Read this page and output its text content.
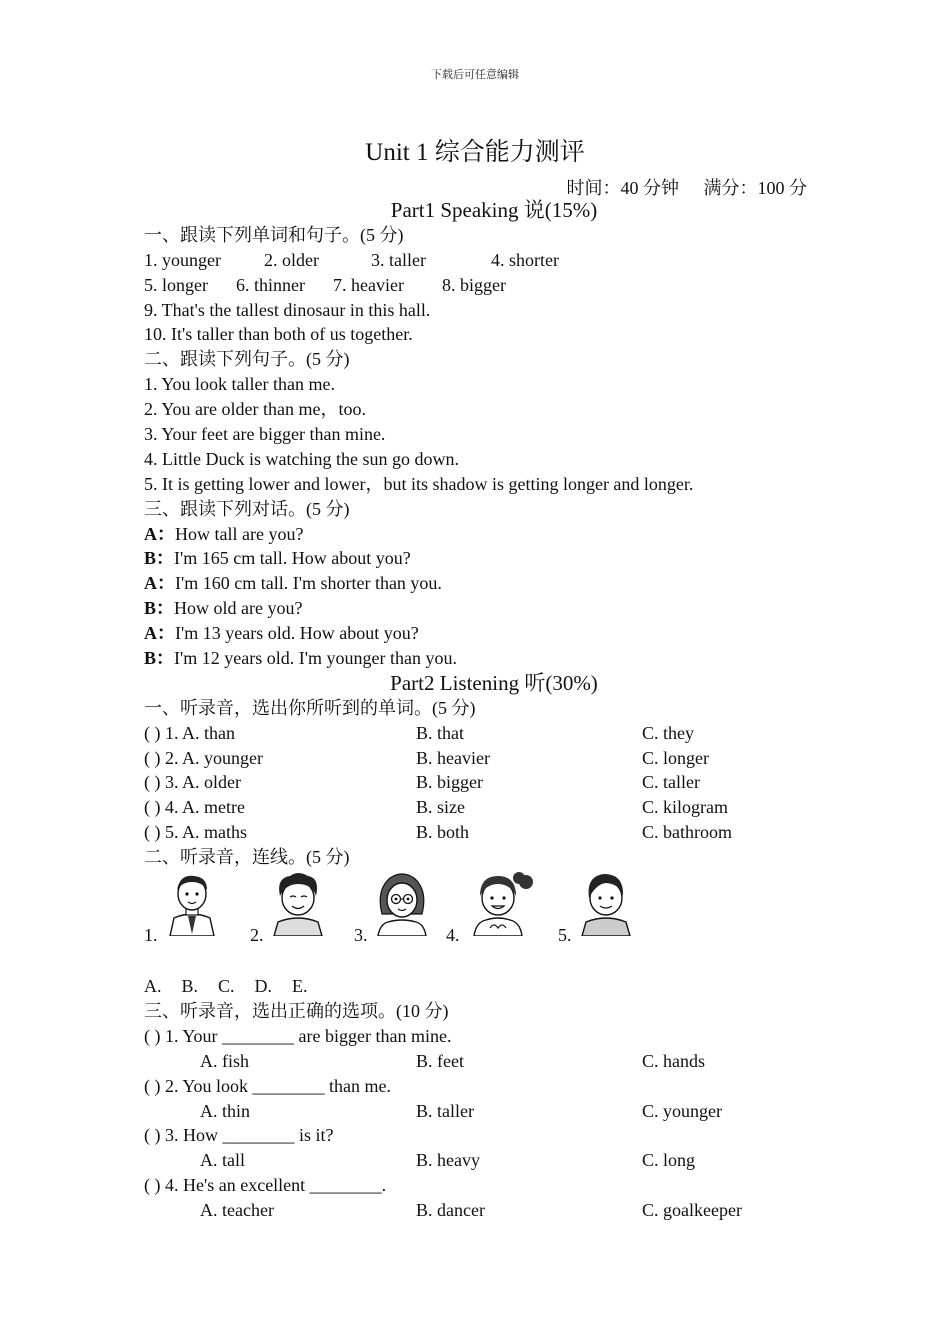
下载后可任意编辑
Unit 1 综合能力测评
时间：40 分钟 满分：100 分
Part1 Speaking 说(15%)
一、跟读下列单词和句子。(5 分)
1. younger 2. older	3. taller	4. shorter
5. longer 6. thinner 7. heavier 8. bigger
9. That's the tallest dinosaur in this hall.
10. It's taller than both of us together.
二、跟读下列句子。(5 分)
1. You look taller than me.
2. You are older than me，too.
3. Your feet are bigger than mine.
4. Little Duck is watching the sun go down.
5. It is getting lower and lower，but its shadow is getting longer and longer.
三、跟读下列对话。(5 分)
A：How tall are you?
B：I'm 165 cm tall. How about you?
A：I'm 160 cm tall. I'm shorter than you.
B：How old are you?
A：I'm 13 years old. How about you?
B：I'm 12 years old. I'm younger than you.
Part2 Listening 听(30%)
一、听录音，选出你所听到的单词。(5 分)
( ) 1. A. than	B. that	C. they
( ) 2. A. younger	B. heavier	C. longer
( ) 3. A. older	B. bigger	C. taller
( ) 4. A. metre	B. size	C. kilogram
( ) 5. A. maths	B. both	C. bathroom
二、听录音，连线。(5 分)
1.	2.	3.	4.	5.
A. B. C. D. E.
三、听录音，选出正确的选项。(10 分)
( ) 1. Your ________ are bigger than mine.
A. fish	B. feet	C. hands
( ) 2. You look ________ than me.
A. thin	B. taller	C. younger
( ) 3. How ________ is it?
A. tall	B. heavy	C. long
( ) 4. He's an excellent ________.
A. teacher	B. dancer	C. goalkeeper
